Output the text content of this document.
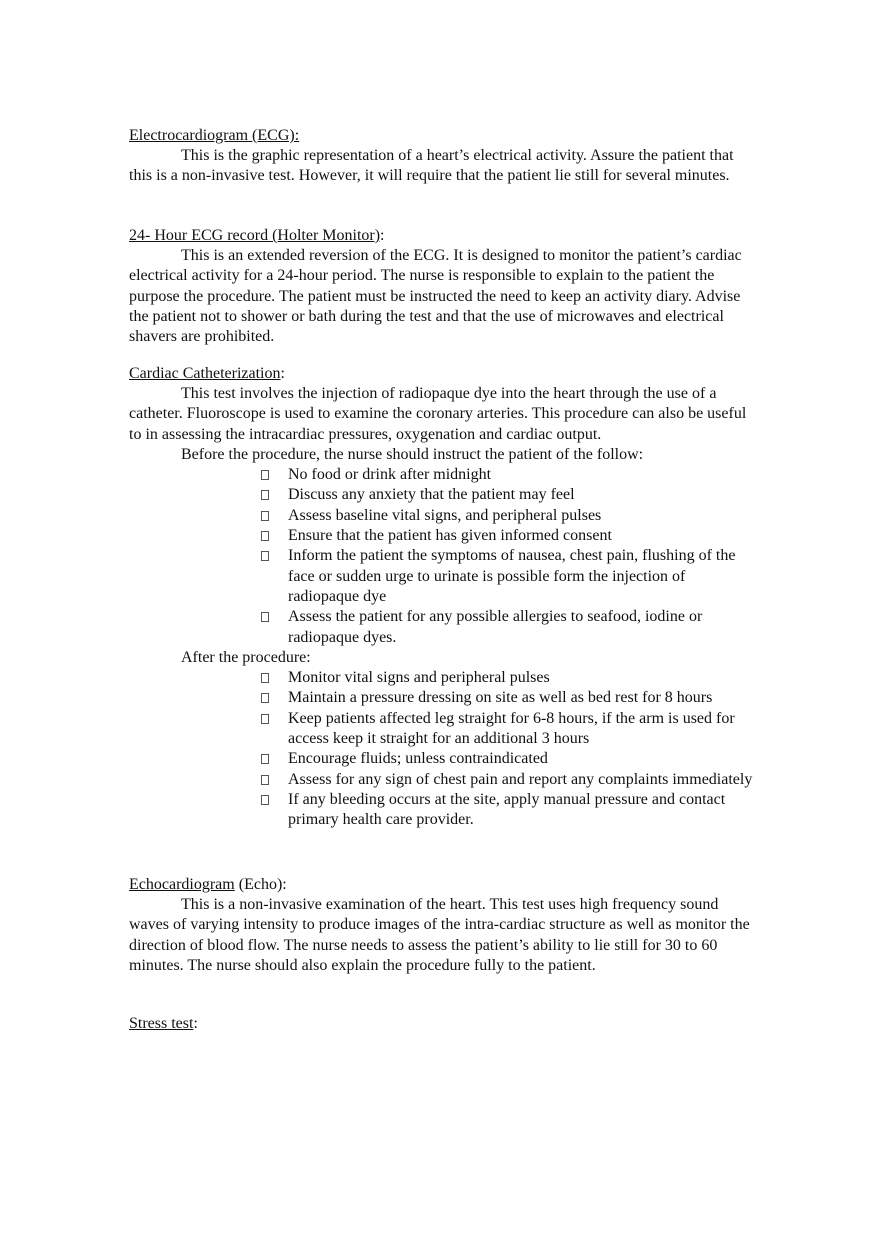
Electrocardiogram (ECG):

This is the graphic representation of a heart’s electrical activity. Assure the patient that this is a non-invasive test. However, it will require that the patient lie still for several minutes.

24- Hour ECG record (Holter Monitor):

This is an extended reversion of the ECG. It is designed to monitor the patient’s cardiac electrical activity for a 24-hour period. The nurse is responsible to explain to the patient the purpose the procedure. The patient must be instructed the need to keep an activity diary. Advise the patient not to shower or bath during the test and that the use of microwaves and electrical shavers are prohibited.

Cardiac Catheterization:

This test involves the injection of radiopaque dye into the heart through the use of a catheter. Fluoroscope is used to examine the coronary arteries. This procedure can also be useful to in assessing the intracardiac pressures, oxygenation and cardiac output.

Before the procedure, the nurse should instruct the patient of the follow:
No food or drink after midnight
Discuss any anxiety that the patient may feel
Assess baseline vital signs, and peripheral pulses
Ensure that the patient has given informed consent
Inform the patient the symptoms of nausea, chest pain, flushing of the face or sudden urge to urinate is possible form the injection of radiopaque dye
Assess the patient for any possible allergies to seafood, iodine or radiopaque dyes.
After the procedure:
Monitor vital signs and peripheral pulses
Maintain a pressure dressing on site as well as bed rest for 8 hours
Keep patients affected leg straight for 6-8 hours, if the arm is used for access keep it straight for an additional 3 hours
Encourage fluids; unless contraindicated
Assess for any sign of chest pain and report any complaints immediately
If any bleeding occurs at the site, apply manual pressure and contact primary health care provider.
Echocardiogram (Echo):

This is a non-invasive examination of the heart. This test uses high frequency sound waves of varying intensity to produce images of the intra-cardiac structure as well as monitor the direction of blood flow. The nurse needs to assess the patient’s ability to lie still for 30 to 60 minutes. The nurse should also explain the procedure fully to the patient.

Stress test:
